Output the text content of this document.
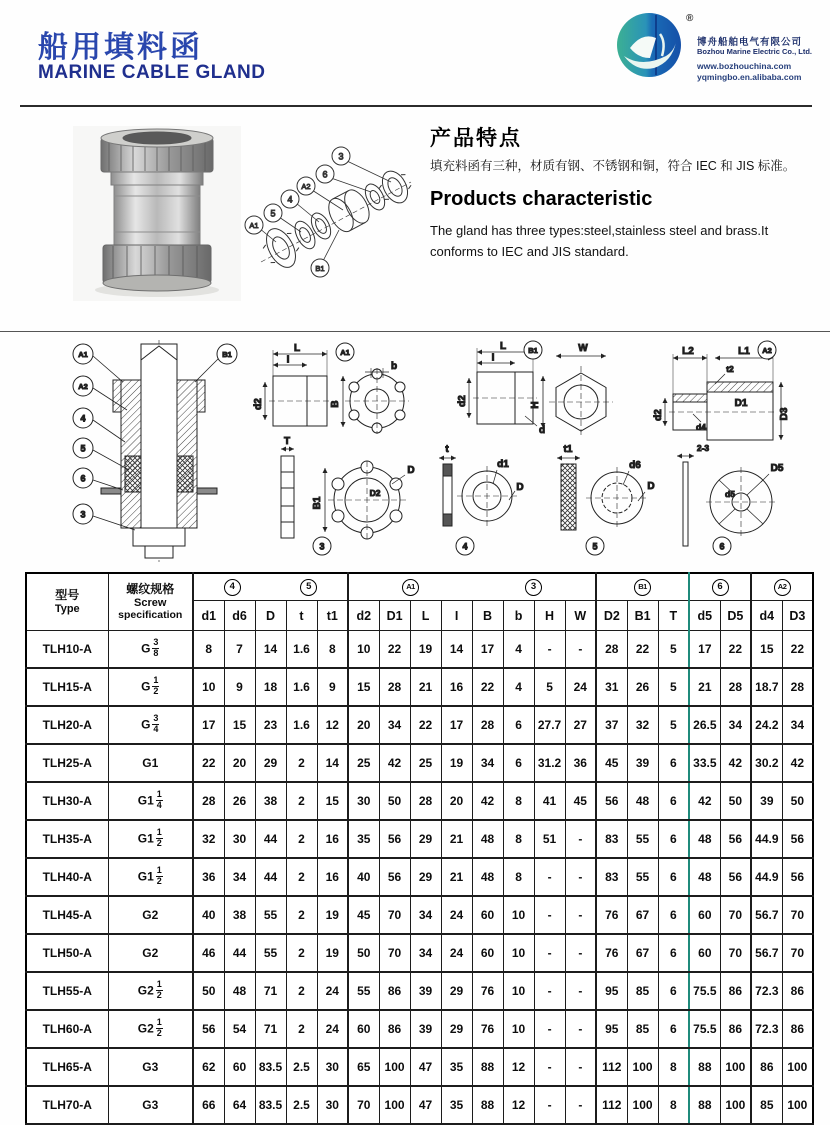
船用填料函
MARINE CABLE GLAND
®
博舟船舶电气有限公司
Bozhou Marine Electric Co., Ltd.
www.bozhouchina.com
yqmingbo.en.alibaba.com
3
6
A2
4
5
A1
B1
产品特点
填充料函有三种，材质有钢、不锈钢和铜，符合 IEC 和 JIS 标准。
Products characteristic
The gland has three types:steel,stainless steel and brass.It conforms to IEC and JIS standard.
A1
A2
4
5
6
3
B1
L
I
d2
b
B
A1
T
B1
D2
D
3
L
I
d2
d
W
H
B1	L2	L1
t2
d2
d4
D1
D3
A2
t
d1
D
4
t1
d6
D
5
2-3
d5
D5
6
型号
Type

螺纹规格
Screw
specification

4	5	A1	3	B1	6	A2

		d1	d6	D	t	t1	d2	D1	L	I	B	b	H	W	D2	B1	T	d5	D5	d4	D3
TLH10-A	G $\frac{3}{8}$	8	7	14	1.6	8	10	22	19	14	17	4	-	-	28	22	5	17	22	15	22
TLH15-A	G $\frac{1}{2}$	10	9	18	1.6	9	15	28	21	16	22	4	5	24	31	26	5	21	28	18.7	28
TLH20-A	G $\frac{3}{4}$	17	15	23	1.6	12	20	34	22	17	28	6	27.7	27	37	32	5	26.5	34	24.2	34
TLH25-A	G1	22	20	29	2	14	25	42	25	19	34	6	31.2	36	45	39	6	33.5	42	30.2	42
TLH30-A	$G1 \frac{1}{4}$	28	26	38	2	15	30	50	28	20	42	8	41	45	56	48	6	42	50	39	50
TLH35-A	$G1 \frac{1}{2}$	32	30	44	2	16	35	56	29	21	48	8	51	-	83	55	6	48	56	44.9	56
TLH40-A	$G1 \frac{1}{2}$	36	34	44	2	16	40	56	29	21	48	8	-	-	83	55	6	48	56	44.9	56
TLH45-A	G2	40	38	55	2	19	45	70	34	24	60	10	-	-	76	67	6	60	70	56.7	70
TLH50-A	G2	46	44	55	2	19	50	70	34	24	60	10	-	-	76	67	6	60	70	56.7	70
TLH55-A	$G2 \frac{1}{2}$	50	48	71	2	24	55	86	39	29	76	10	-	-	95	85	6	75.5	86	72.3	86
TLH60-A	$G2 \frac{1}{2}$	56	54	71	2	24	60	86	39	29	76	10	-	-	95	85	6	75.5	86	72.3	86
TLH65-A	G3	62	60	83.5	2.5	30	65	100	47	35	88	12	-	-	112	100	8	88	100	86	100
TLH70-A	G3	66	64	83.5	2.5	30	70	100	47	35	88	12	-	-	112	100	8	88	100	85	100
